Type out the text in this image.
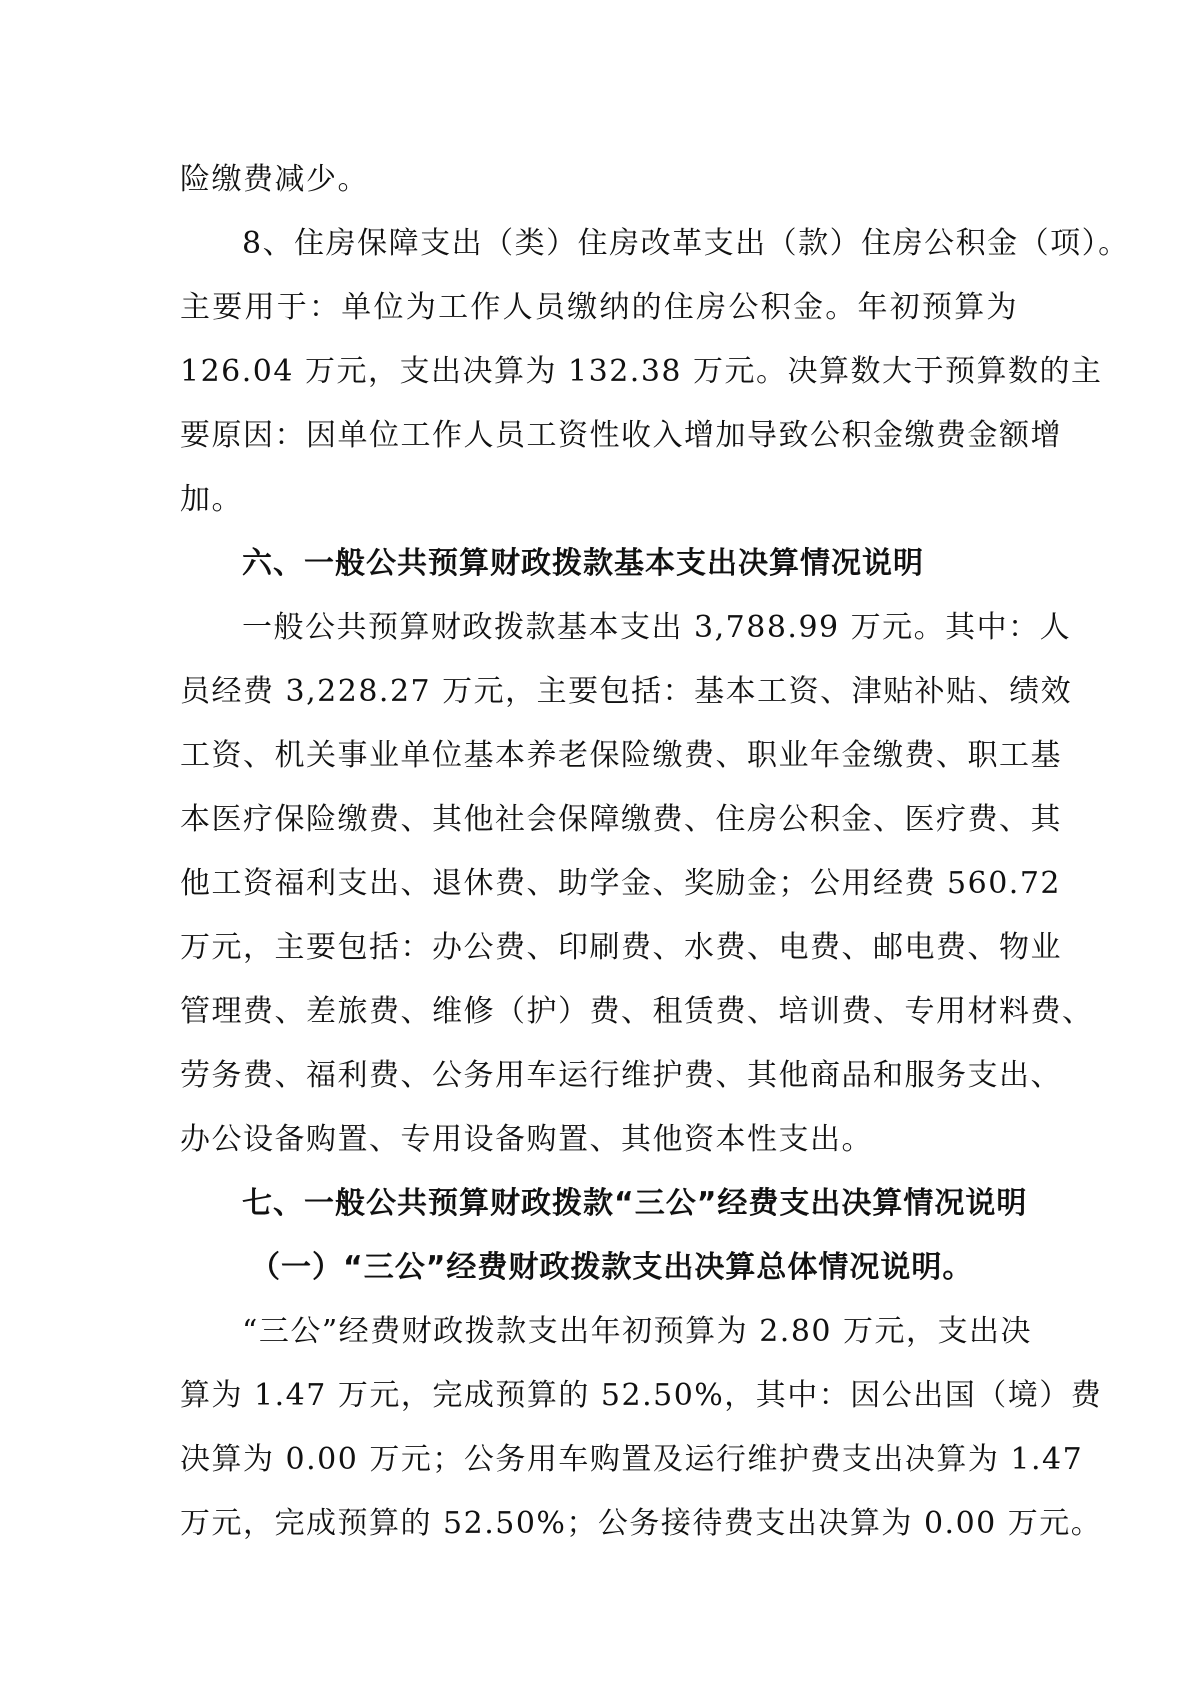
险缴费减少。
8、住房保障支出（类）住房改革支出（款）住房公积金（项）。
主要用于：单位为工作人员缴纳的住房公积金。年初预算为
126.04 万元，支出决算为 132.38 万元。决算数大于预算数的主
要原因：因单位工作人员工资性收入增加导致公积金缴费金额增
加。
六、一般公共预算财政拨款基本支出决算情况说明
一般公共预算财政拨款基本支出 3,788.99 万元。其中：人
员经费 3,228.27 万元，主要包括：基本工资、津贴补贴、绩效
工资、机关事业单位基本养老保险缴费、职业年金缴费、职工基
本医疗保险缴费、其他社会保障缴费、住房公积金、医疗费、其
他工资福利支出、退休费、助学金、奖励金；公用经费 560.72
万元，主要包括：办公费、印刷费、水费、电费、邮电费、物业
管理费、差旅费、维修（护）费、租赁费、培训费、专用材料费、
劳务费、福利费、公务用车运行维护费、其他商品和服务支出、
办公设备购置、专用设备购置、其他资本性支出。
七、一般公共预算财政拨款“三公”经费支出决算情况说明
（一）“三公”经费财政拨款支出决算总体情况说明。
“三公”经费财政拨款支出年初预算为 2.80 万元，支出决
算为 1.47 万元，完成预算的 52.50%，其中：因公出国（境）费
决算为 0.00 万元；公务用车购置及运行维护费支出决算为 1.47
万元，完成预算的 52.50%；公务接待费支出决算为 0.00 万元。
